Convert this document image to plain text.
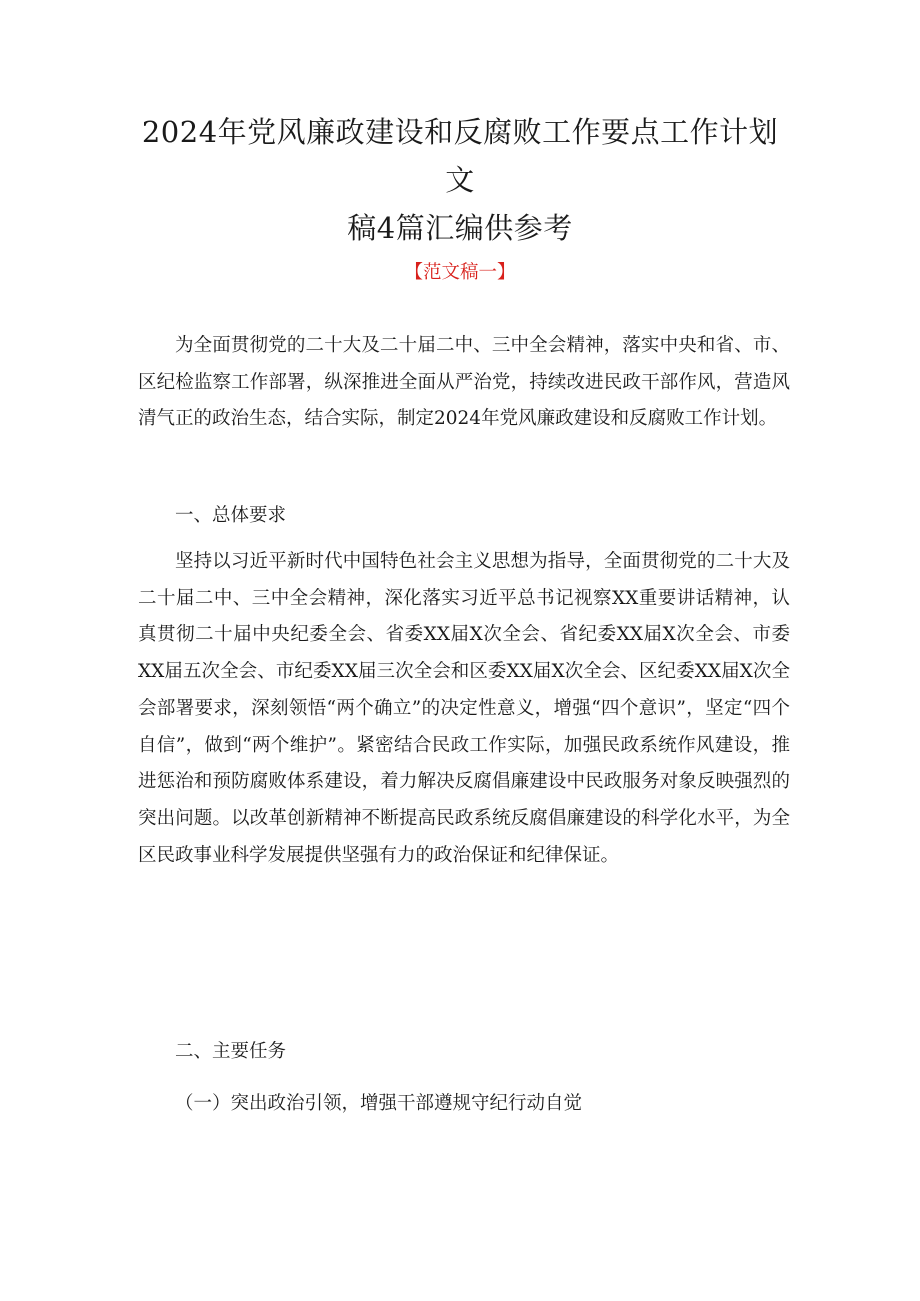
2024年党风廉政建设和反腐败工作要点工作计划文
稿4篇汇编供参考

【范文稿一】

为全面贯彻党的二十大及二十届二中、三中全会精神，落实中央和省、市、区纪检监察工作部署，纵深推进全面从严治党，持续改进民政干部作风，营造风清气正的政治生态，结合实际，制定2024年党风廉政建设和反腐败工作计划。

一、总体要求

坚持以习近平新时代中国特色社会主义思想为指导，全面贯彻党的二十大及二十届二中、三中全会精神，深化落实习近平总书记视察XX重要讲话精神，认真贯彻二十届中央纪委全会、省委XX届X次全会、省纪委XX届X次全会、市委XX届五次全会、市纪委XX届三次全会和区委XX届X次全会、区纪委XX届X次全会部署要求，深刻领悟“两个确立”的决定性意义，增强“四个意识”，坚定“四个自信”，做到“两个维护”。紧密结合民政工作实际，加强民政系统作风建设，推进惩治和预防腐败体系建设，着力解决反腐倡廉建设中民政服务对象反映强烈的突出问题。以改革创新精神不断提高民政系统反腐倡廉建设的科学化水平，为全区民政事业科学发展提供坚强有力的政治保证和纪律保证。

二、主要任务

（一）突出政治引领，增强干部遵规守纪行动自觉
